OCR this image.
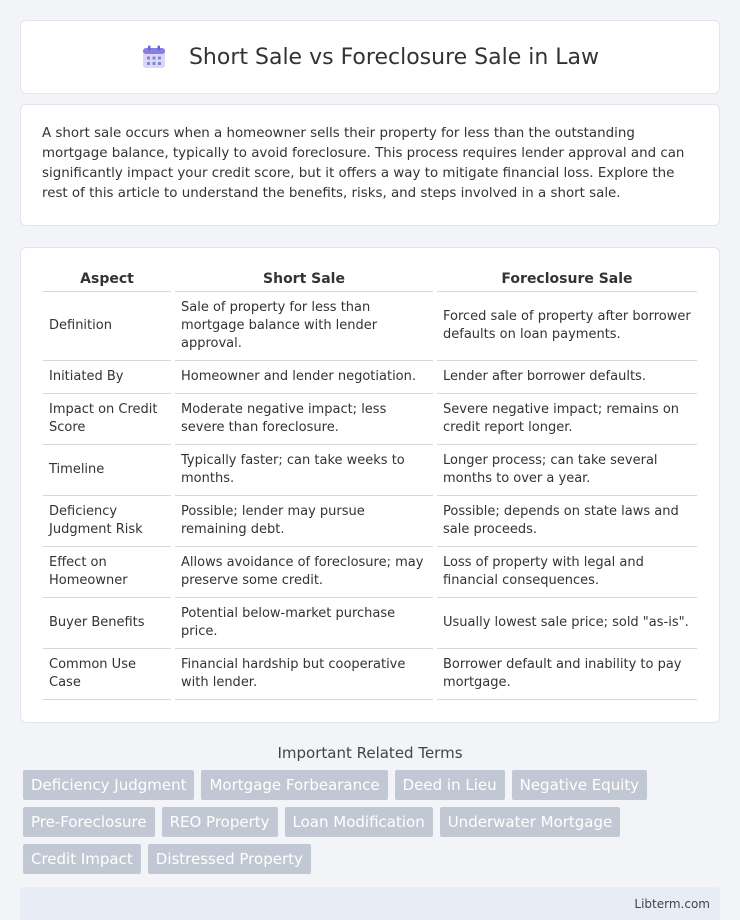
Short Sale vs Foreclosure Sale in Law

A short sale occurs when a homeowner sells their property for less than the outstanding mortgage balance, typically to avoid foreclosure. This process requires lender approval and can significantly impact your credit score, but it offers a way to mitigate financial loss. Explore the rest of this article to understand the benefits, risks, and steps involved in a short sale.

Aspect	Short Sale	Foreclosure Sale
Definition	Sale of property for less than mortgage balance with lender approval.	Forced sale of property after borrower defaults on loan payments.
Initiated By	Homeowner and lender negotiation.	Lender after borrower defaults.
Impact on Credit Score	Moderate negative impact; less severe than foreclosure.	Severe negative impact; remains on credit report longer.
Timeline	Typically faster; can take weeks to months.	Longer process; can take several months to over a year.
Deficiency Judgment Risk	Possible; lender may pursue remaining debt.	Possible; depends on state laws and sale proceeds.
Effect on Homeowner	Allows avoidance of foreclosure; may preserve some credit.	Loss of property with legal and financial consequences.
Buyer Benefits	Potential below-market purchase price.	Usually lowest sale price; sold "as-is".
Common Use Case	Financial hardship but cooperative with lender.	Borrower default and inability to pay mortgage.
Important Related Terms
Deficiency Judgment	Mortgage Forbearance	Deed in Lieu	Negative Equity
Pre-Foreclosure	REO Property	Loan Modification	Underwater Mortgage
Credit Impact	Distressed Property
Libterm.com
